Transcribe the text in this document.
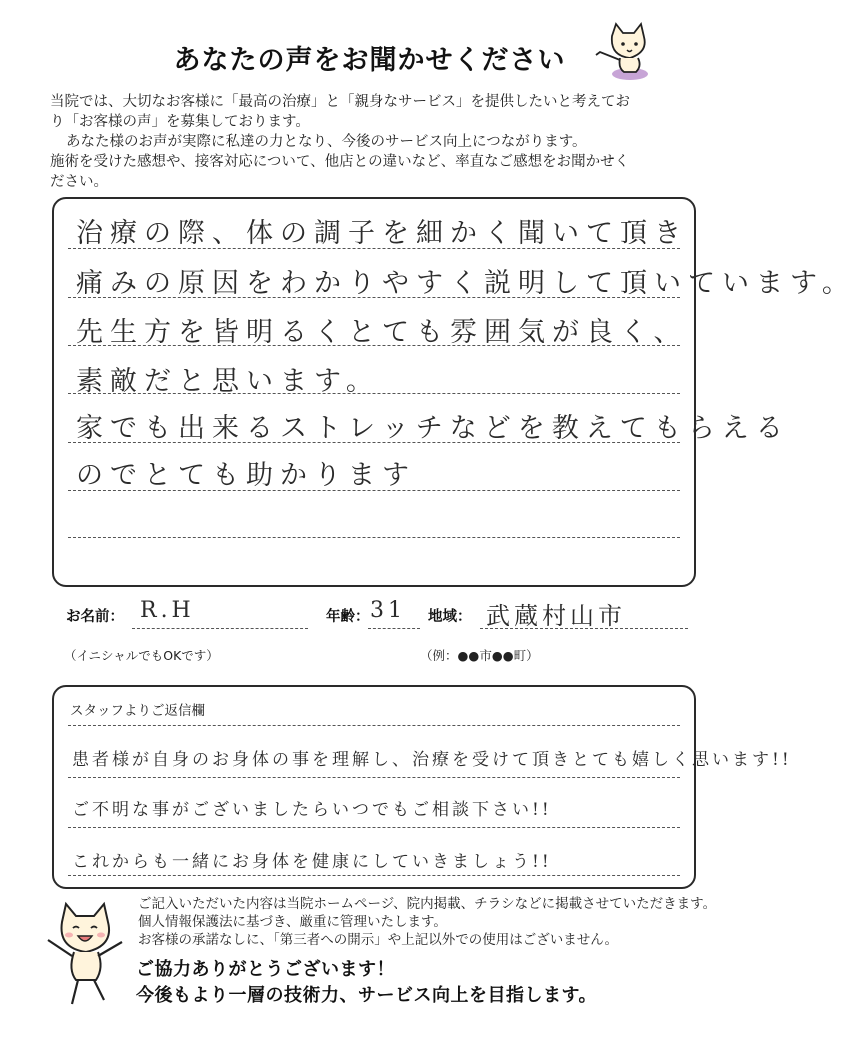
あなたの声をお聞かせください

当院では、大切なお客様に「最高の治療」と「親身なサービス」を提供したいと考えてお

り「お客様の声」を募集しております。

あなた様のお声が実際に私達の力となり、今後のサービス向上につながります。

施術を受けた感想や、接客対応について、他店との違いなど、率直なご感想をお聞かせく

ださい。

治療の際、体の調子を細かく聞いて頂き
痛みの原因をわかりやすく説明して頂いています。
先生方を皆明るくとても雰囲気が良く、
素敵だと思います。
家でも出来るストレッチなどを教えてもらえる
のでとても助かります
お名前： R.H	年齢： 31 地域： 武蔵村山市
（イニシャルでもOKです）	（例：●●市●●町）
スタッフよりご返信欄
患者様が自身のお身体の事を理解し、治療を受けて頂きとても嬉しく思います!!
ご不明な事がございましたらいつでもご相談下さい!!
これからも一緒にお身体を健康にしていきましょう!!

ご記入いただいた内容は当院ホームページ、院内掲載、チラシなどに掲載させていただきます。

個人情報保護法に基づき、厳重に管理いたします。

お客様の承諾なしに、「第三者への開示」や上記以外での使用はございません。

ご協力ありがとうございます！

今後もより一層の技術力、サービス向上を目指します。
